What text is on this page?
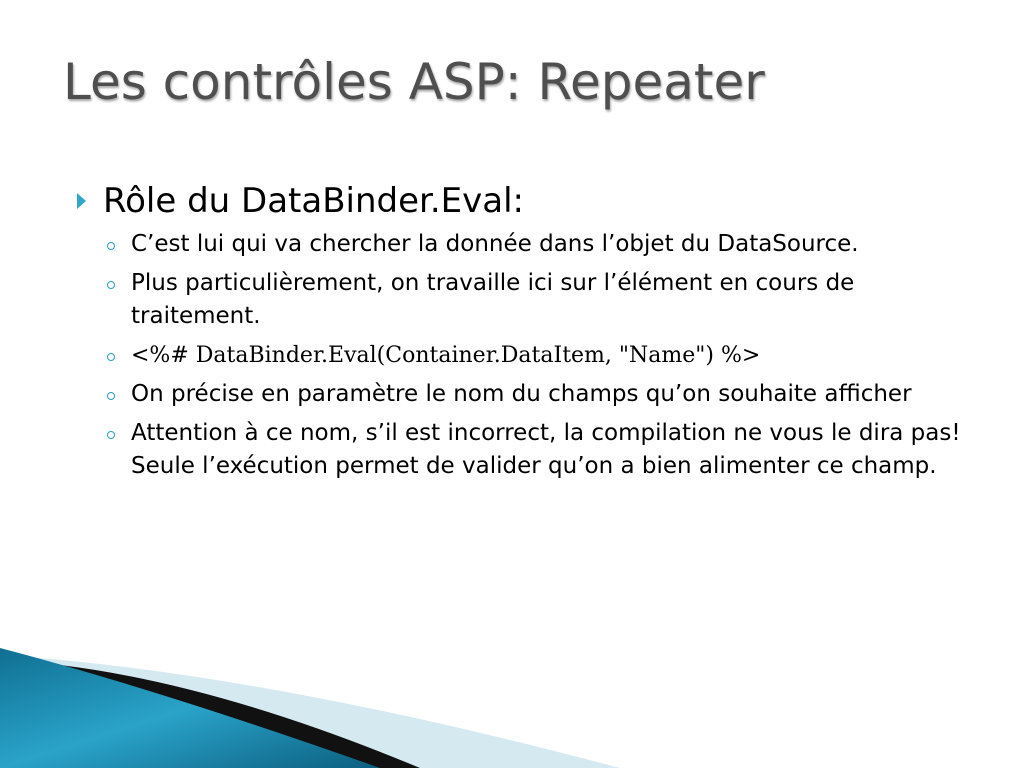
Les contrôles ASP: Repeater
Rôle du DataBinder.Eval:
C’est lui qui va chercher la donnée dans l’objet du DataSource.
Plus particulièrement, on travaille ici sur l’élément en cours de traitement.
<%# DataBinder.Eval(Container.DataItem, "Name") %>
On précise en paramètre le nom du champs qu’on souhaite afficher
Attention à ce nom, s’il est incorrect, la compilation ne vous le dira pas! Seule l’exécution permet de valider qu’on a bien alimenter ce champ.
